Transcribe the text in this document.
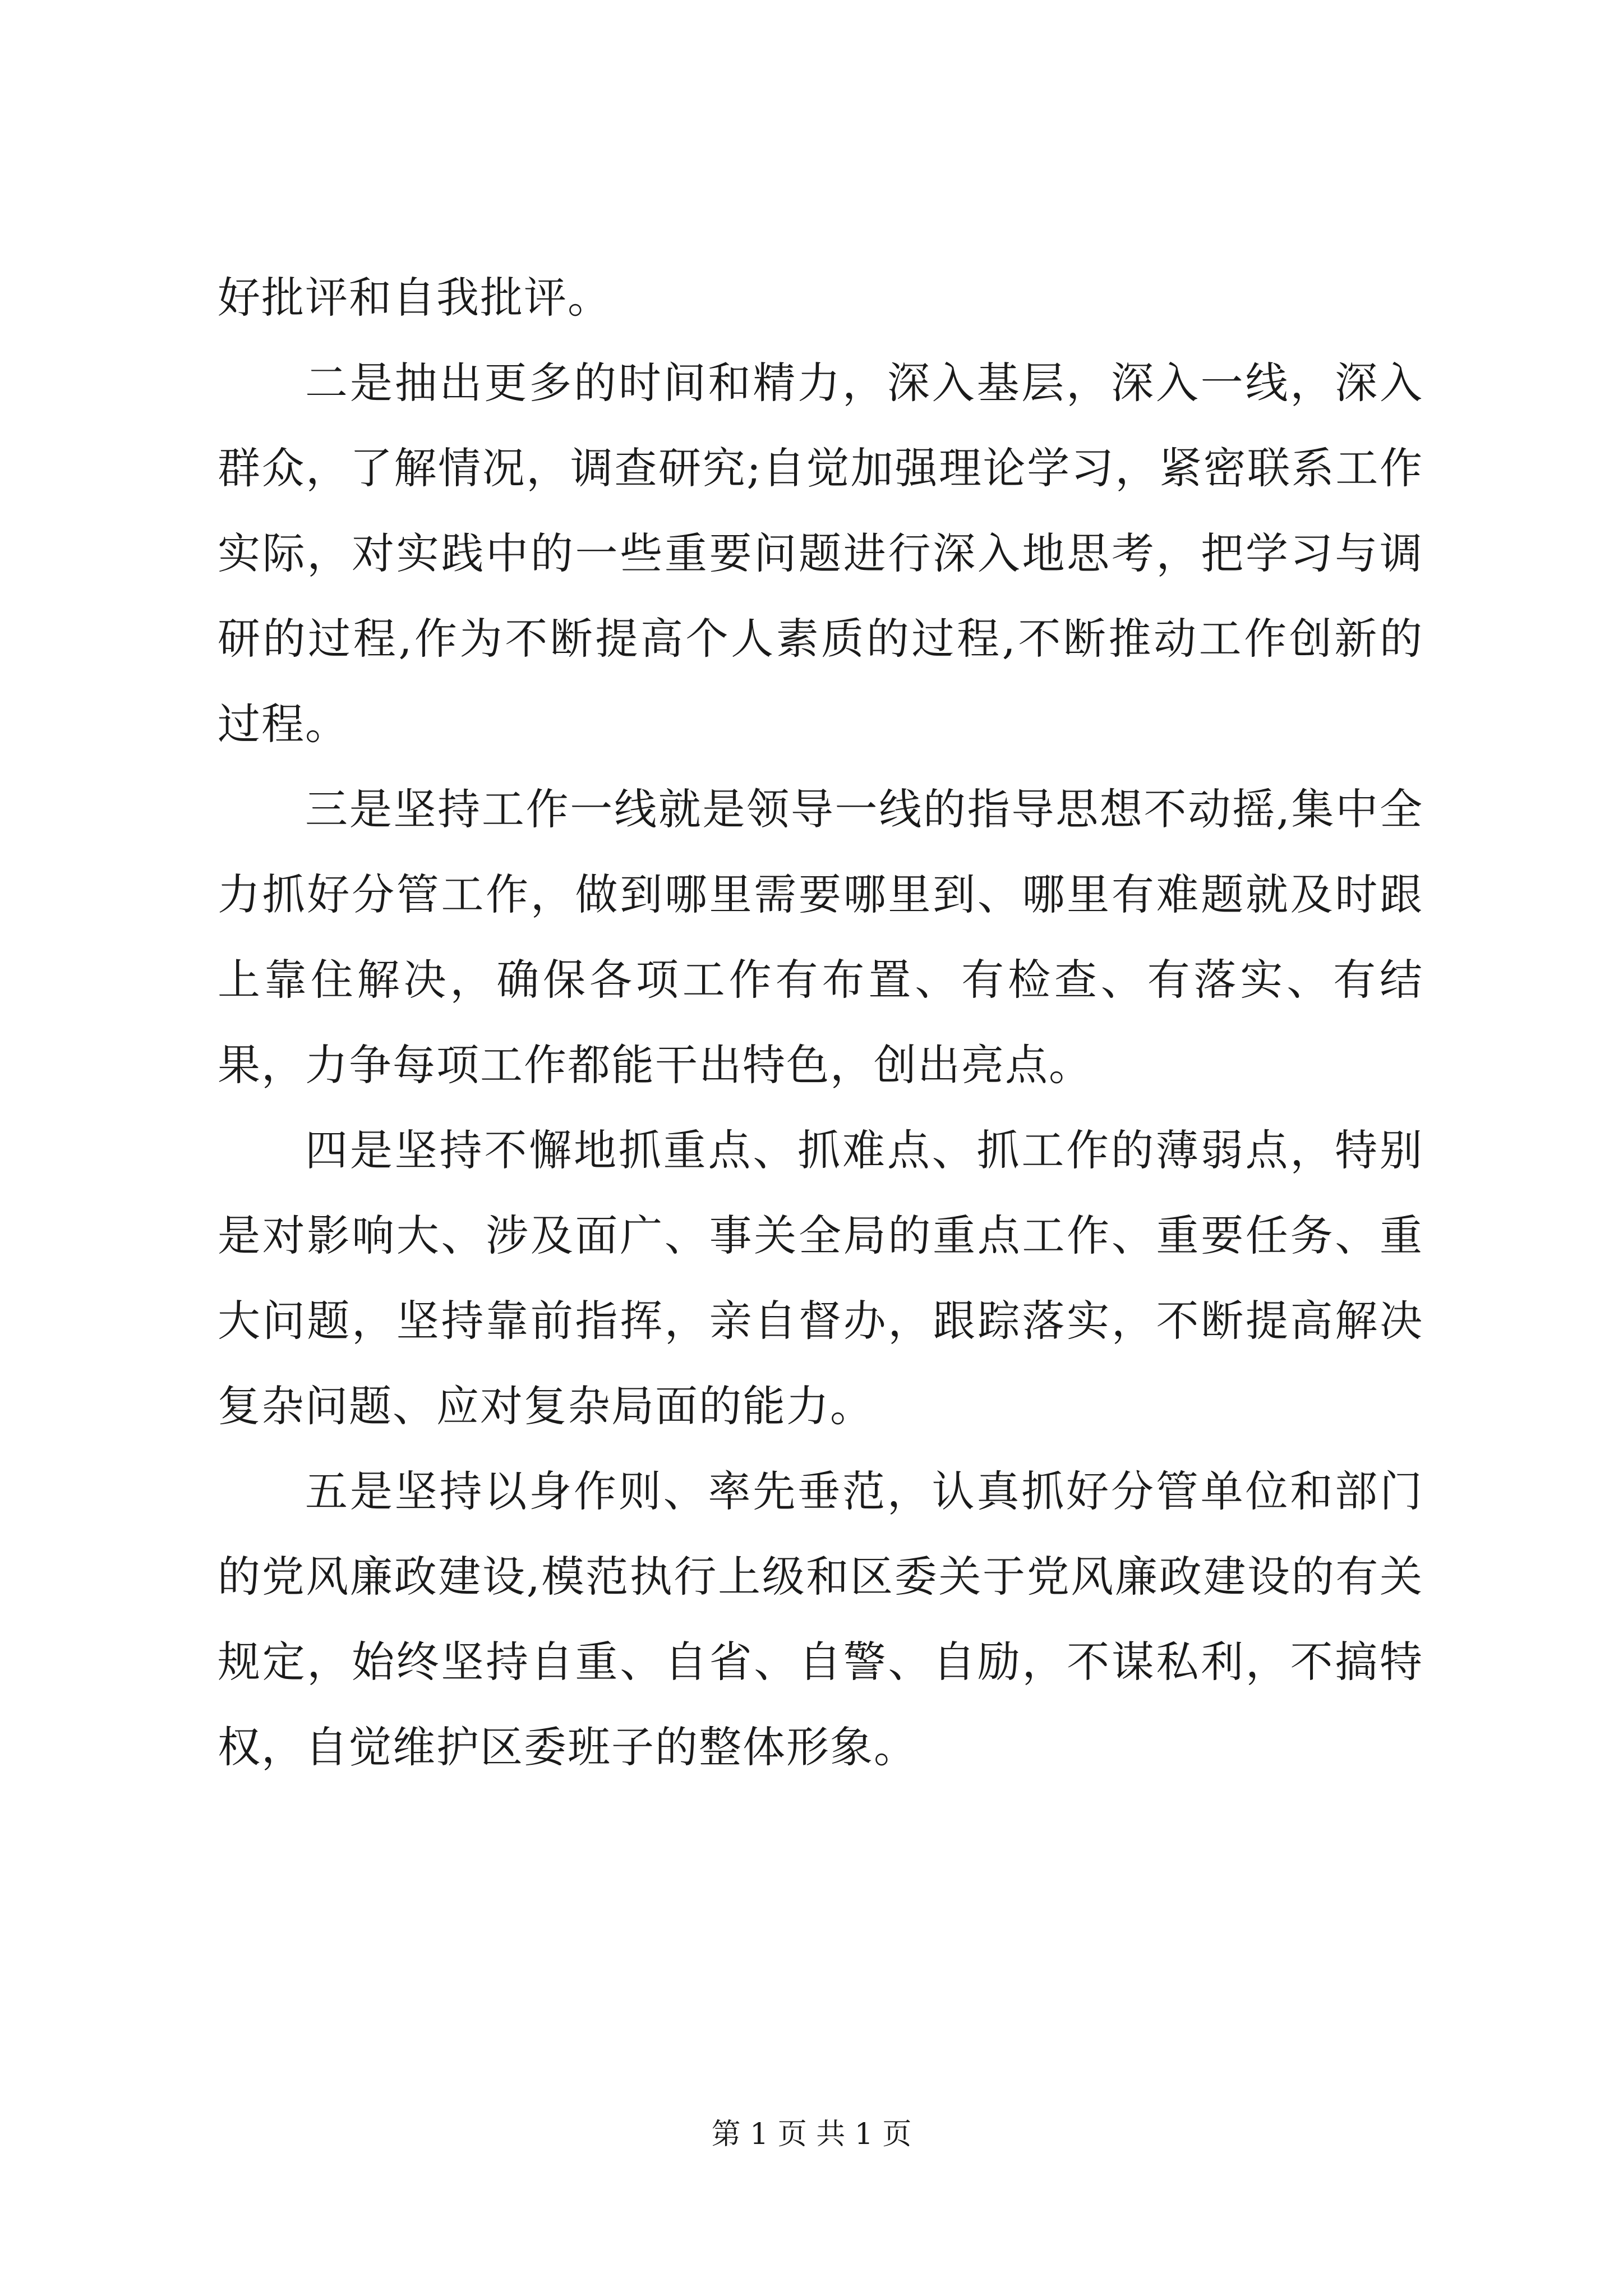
好批评和自我批评。

二是抽出更多的时间和精力，深入基层，深入一线，深入群众，了解情况，调查研究;自觉加强理论学习，紧密联系工作实际，对实践中的一些重要问题进行深入地思考，把学习与调研的过程,作为不断提高个人素质的过程,不断推动工作创新的过程。

三是坚持工作一线就是领导一线的指导思想不动摇,集中全力抓好分管工作，做到哪里需要哪里到、哪里有难题就及时跟上靠住解决，确保各项工作有布置、有检查、有落实、有结果，力争每项工作都能干出特色，创出亮点。

四是坚持不懈地抓重点、抓难点、抓工作的薄弱点，特别是对影响大、涉及面广、事关全局的重点工作、重要任务、重大问题，坚持靠前指挥，亲自督办，跟踪落实，不断提高解决复杂问题、应对复杂局面的能力。

五是坚持以身作则、率先垂范，认真抓好分管单位和部门的党风廉政建设,模范执行上级和区委关于党风廉政建设的有关规定，始终坚持自重、自省、自警、自励，不谋私利，不搞特权，自觉维护区委班子的整体形象。

第 1 页 共 1 页
